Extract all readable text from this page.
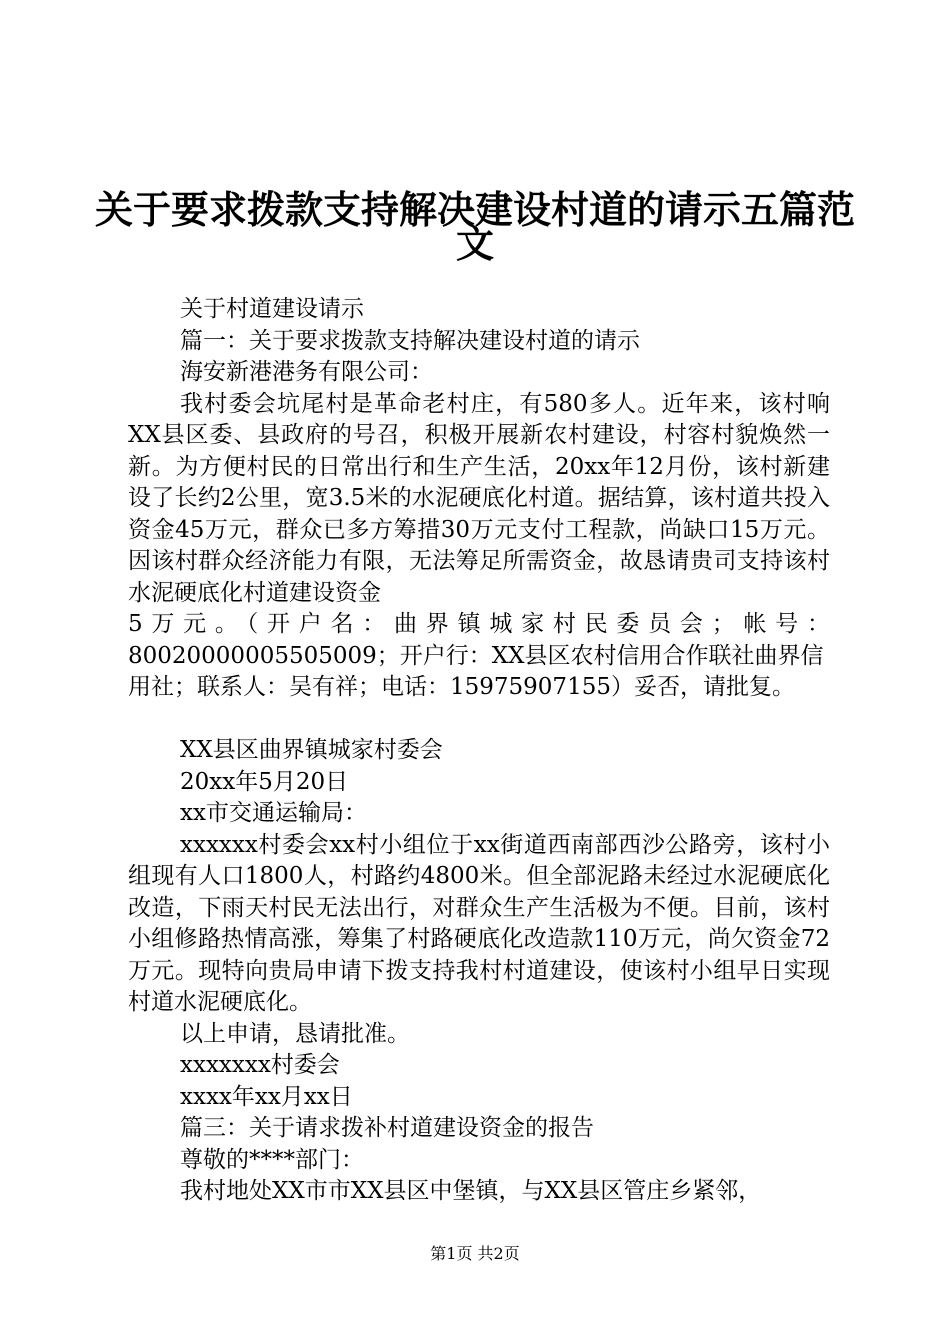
关于要求拨款支持解决建设村道的请示五篇范
文

关于村道建设请示

篇一：关于要求拨款支持解决建设村道的请示

海安新港港务有限公司：

我村委会坑尾村是革命老村庄，有580多人。近年来，该村响XX县区委、县政府的号召，积极开展新农村建设，村容村貌焕然一新。为方便村民的日常出行和生产生活，20xx年12月份，该村新建设了长约2公里，宽3.5米的水泥硬底化村道。据结算，该村道共投入资金45万元，群众已多方筹措30万元支付工程款，尚缺口15万元。因该村群众经济能力有限，无法筹足所需资金，故恳请贵司支持该村水泥硬底化村道建设资金

5万元。（开户名：曲界镇城家村民委员会；帐号：

80020000005505009；开户行：XX县区农村信用合作联社曲界信用社；联系人：吴有祥；电话：15975907155）妥否，请批复。

XX县区曲界镇城家村委会

20xx年5月20日

xx市交通运输局：

xxxxxx村委会xx村小组位于xx街道西南部西沙公路旁，该村小组现有人口1800人，村路约4800米。但全部泥路未经过水泥硬底化改造，下雨天村民无法出行，对群众生产生活极为不便。目前，该村小组修路热情高涨，筹集了村路硬底化改造款110万元，尚欠资金72万元。现特向贵局申请下拨支持我村村道建设，使该村小组早日实现村道水泥硬底化。

以上申请，恳请批准。

xxxxxxx村委会

xxxx年xx月xx日

篇三：关于请求拨补村道建设资金的报告

尊敬的****部门：

我村地处XX市市XX县区中堡镇，与XX县区管庄乡紧邻，

第1页 共2页
